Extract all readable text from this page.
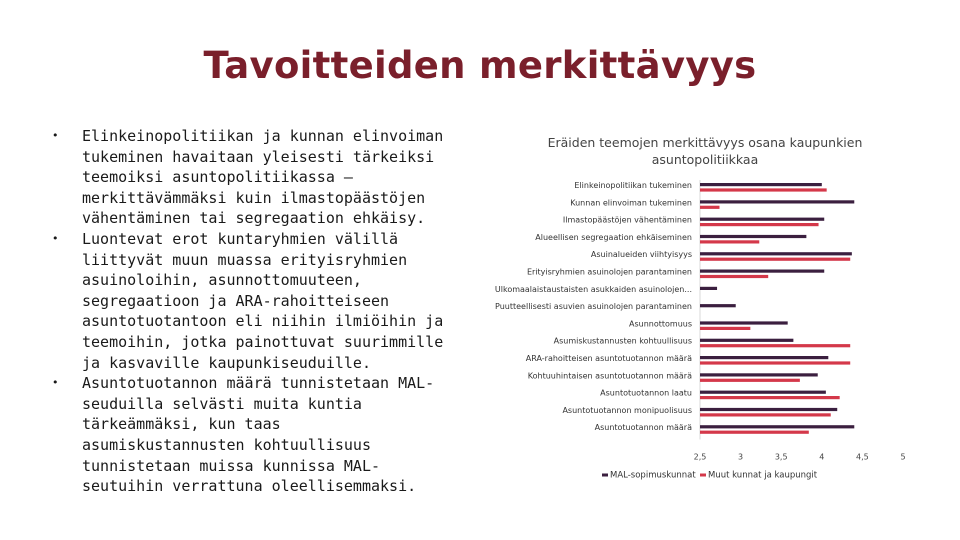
Tavoitteiden merkittävyys
• Elinkeinopolitiikan ja kunnan elinvoiman tukeminen havaitaan yleisesti tärkeiksi teemoiksi asuntopolitiikassa – merkittävämmäksi kuin ilmastopäästöjen vähentäminen tai segregaation ehkäisy.
• Luontevat erot kuntaryhmien välillä liittyvät muun muassa erityisryhmien asuinoloihin, asunnottomuuteen, segregaatioon ja ARA-rahoitteiseen asuntotuotantoon eli niihin ilmiöihin ja teemoihin, jotka painottuvat suurimmille ja kasvaville kaupunkiseuduille.
• Asuntotuotannon määrä tunnistetaan MAL-seuduilla selvästi muita kuntia tärkeämmäksi, kun taas asumiskustannusten kohtuullisuus tunnistetaan muissa kunnissa MAL-seutuihin verrattuna oleellisemmaksi.
Eräiden teemojen merkittävyys osana kaupunkien asuntopolitiikkaa
Elinkeinopolitiikan tukeminen
Kunnan elinvoiman tukeminen
Ilmastopäästöjen vähentäminen
Alueellisen segregaation ehkäiseminen
Asuinalueiden viihtyisyys
Erityisryhmien asuinolojen parantaminen
Ulkomaalaistaustaisten asukkaiden asuinolojen...
Puutteellisesti asuvien asuinolojen parantaminen
Asunnottomuus
Asumiskustannusten kohtuullisuus
ARA-rahoitteisen asuntotuotannon määrä
Kohtuuhintaisen asuntotuotannon määrä
Asuntotuotannon laatu
Asuntotuotannon monipuolisuus
Asuntotuotannon määrä
2,5	3	3,5	4	4,5	5
MAL-sopimuskunnat Muut kunnat ja kaupungit
